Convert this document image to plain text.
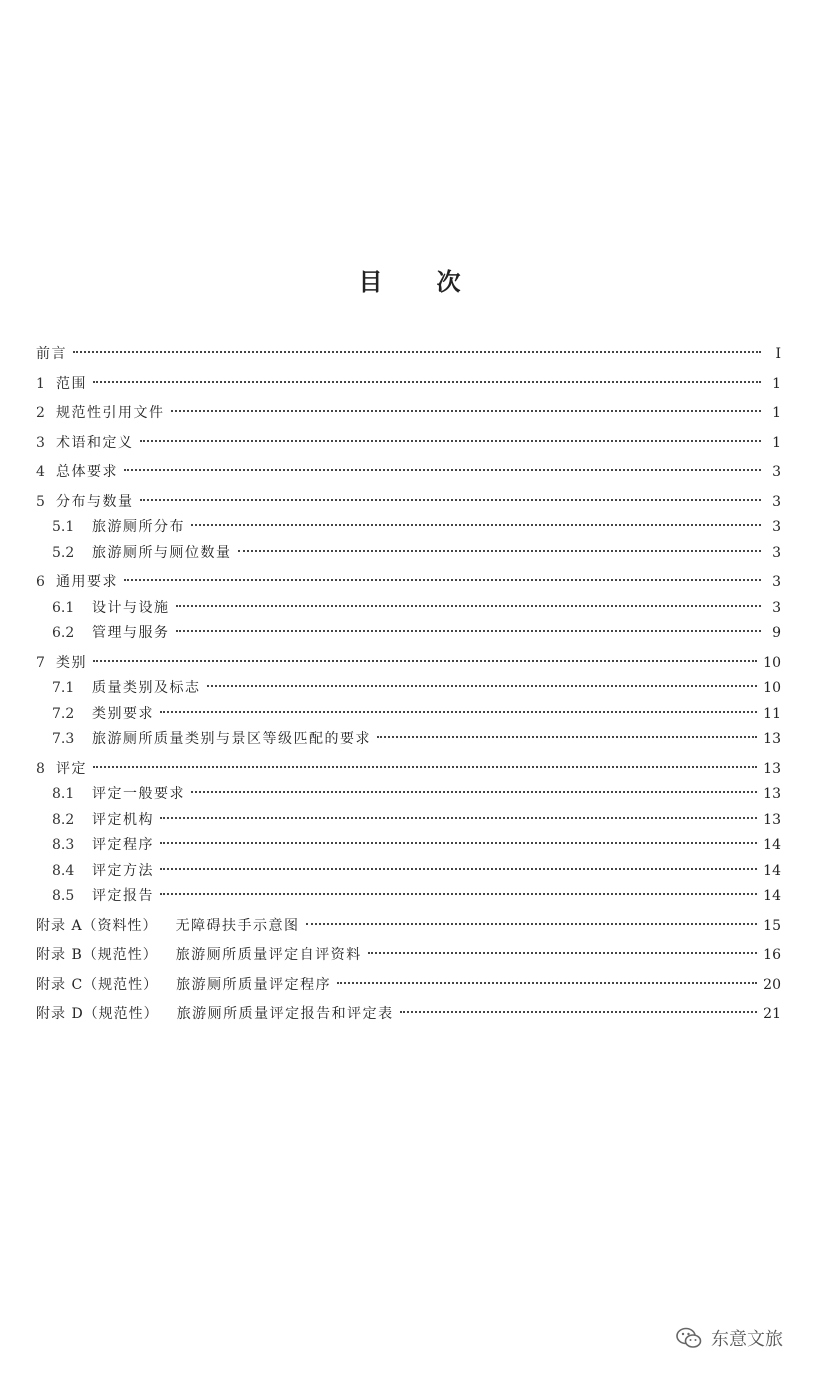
目 次
前言	Ⅰ
1 范围	1
2 规范性引用文件	1
3 术语和定义	1
4 总体要求	3
5 分布与数量	3
5.1	旅游厕所分布	3
5.2	旅游厕所与厕位数量	3
6 通用要求	3
6.1	设计与设施	3
6.2	管理与服务	9
7 类别	10
7.1	质量类别及标志	10
7.2	类别要求	11
7.3	旅游厕所质量类别与景区等级匹配的要求	13
8 评定	13
8.1	评定一般要求	13
8.2	评定机构	13
8.3	评定程序	14
8.4	评定方法	14
8.5	评定报告	14
附录 A（资料性） 无障碍扶手示意图	15
附录 B（规范性） 旅游厕所质量评定自评资料	16
附录 C（规范性） 旅游厕所质量评定程序	20
附录 D（规范性） 旅游厕所质量评定报告和评定表	21
东意文旅
